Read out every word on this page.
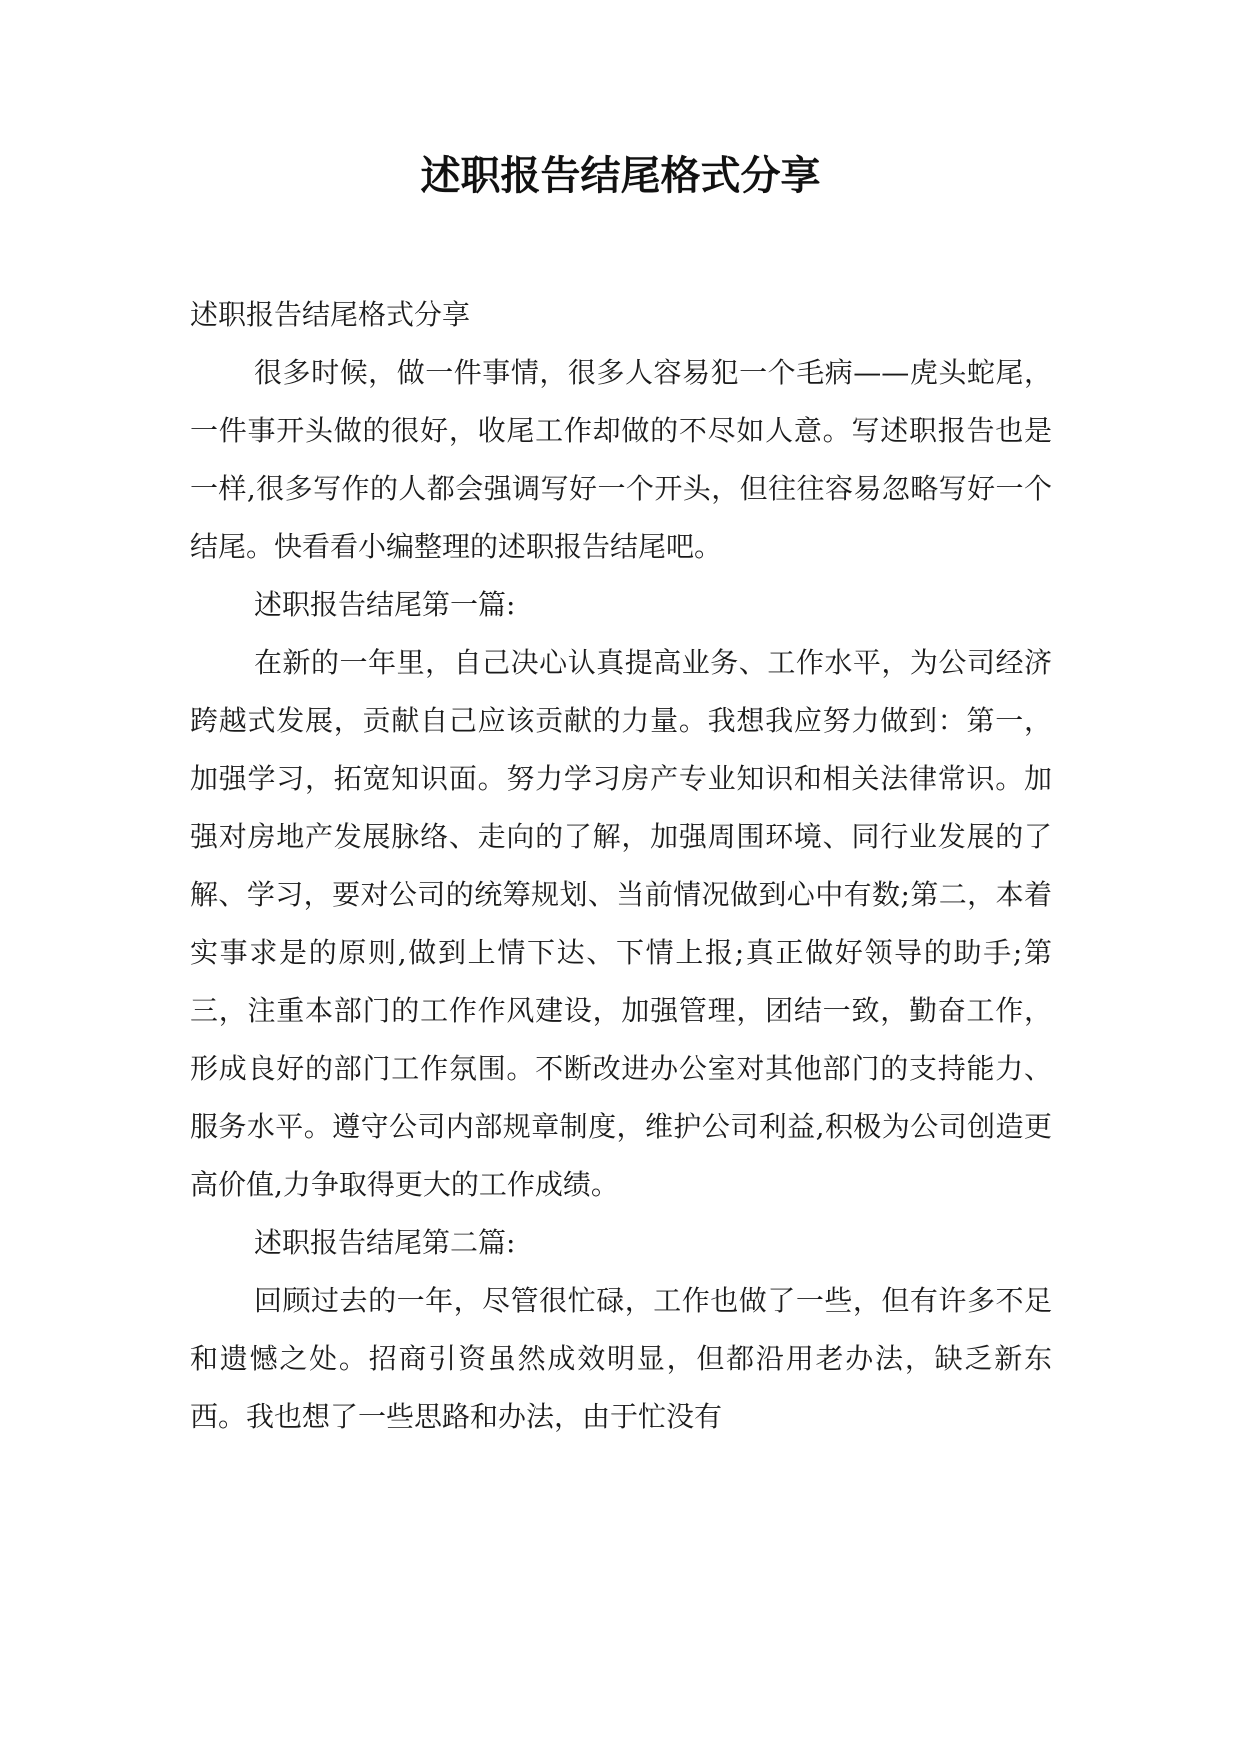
述职报告结尾格式分享

述职报告结尾格式分享

很多时候，做一件事情，很多人容易犯一个毛病——虎头蛇尾，一件事开头做的很好，收尾工作却做的不尽如人意。写述职报告也是一样,很多写作的人都会强调写好一个开头，但往往容易忽略写好一个结尾。快看看小编整理的述职报告结尾吧。

述职报告结尾第一篇:

在新的一年里，自己决心认真提高业务、工作水平，为公司经济跨越式发展，贡献自己应该贡献的力量。我想我应努力做到：第一，加强学习，拓宽知识面。努力学习房产专业知识和相关法律常识。加强对房地产发展脉络、走向的了解，加强周围环境、同行业发展的了解、学习，要对公司的统筹规划、当前情况做到心中有数;第二，本着实事求是的原则,做到上情下达、下情上报;真正做好领导的助手;第三，注重本部门的工作作风建设，加强管理，团结一致，勤奋工作，形成良好的部门工作氛围。不断改进办公室对其他部门的支持能力、服务水平。遵守公司内部规章制度，维护公司利益,积极为公司创造更高价值,力争取得更大的工作成绩。

述职报告结尾第二篇:

回顾过去的一年，尽管很忙碌，工作也做了一些，但有许多不足和遗憾之处。招商引资虽然成效明显，但都沿用老办法，缺乏新东西。我也想了一些思路和办法，由于忙没有
